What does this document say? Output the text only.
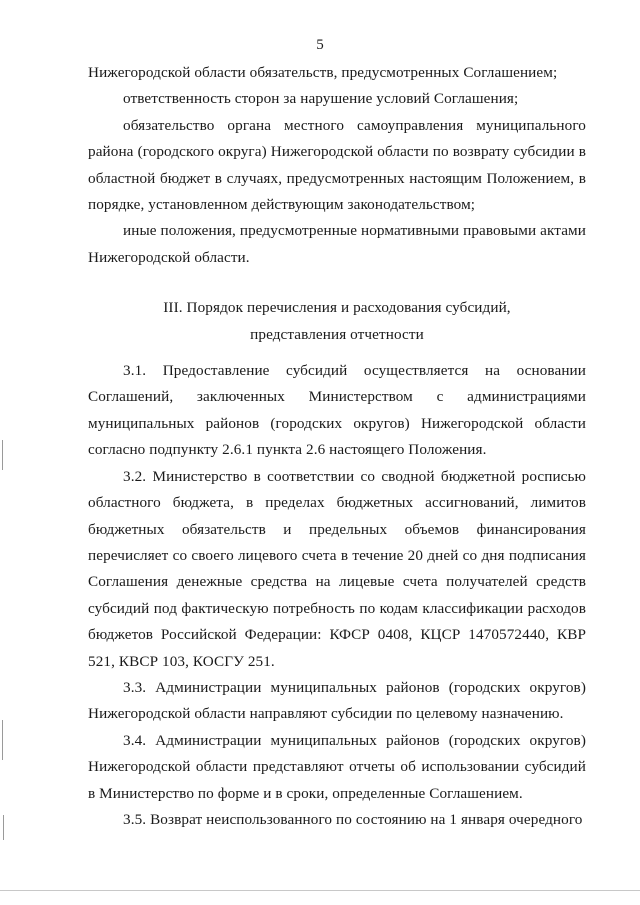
5

Нижегородской области обязательств, предусмотренных Соглашением;

ответственность сторон за нарушение условий Соглашения;

обязательство органа местного самоуправления муниципального района (городского округа) Нижегородской области по возврату субсидии в областной бюджет в случаях, предусмотренных настоящим Положением, в порядке, установленном действующим законодательством;

иные положения, предусмотренные нормативными правовыми актами Нижегородской области.

III. Порядок перечисления и расходования субсидий,

представления отчетности

3.1. Предоставление субсидий осуществляется на основании Соглашений, заключенных Министерством с администрациями муниципальных районов (городских округов) Нижегородской области согласно подпункту 2.6.1 пункта 2.6 настоящего Положения.

3.2. Министерство в соответствии со сводной бюджетной росписью областного бюджета, в пределах бюджетных ассигнований, лимитов бюджетных обязательств и предельных объемов финансирования перечисляет со своего лицевого счета в течение 20 дней со дня подписания Соглашения денежные средства на лицевые счета получателей средств субсидий под фактическую потребность по кодам классификации расходов бюджетов Российской Федерации: КФСР 0408, КЦСР 1470572440, КВР 521, КВСР 103, КОСГУ 251.

3.3. Администрации муниципальных районов (городских округов) Нижегородской области направляют субсидии по целевому назначению.

3.4. Администрации муниципальных районов (городских округов) Нижегородской области представляют отчеты об использовании субсидий в Министерство по форме и в сроки, определенные Соглашением.

3.5. Возврат неиспользованного по состоянию на 1 января очередного
